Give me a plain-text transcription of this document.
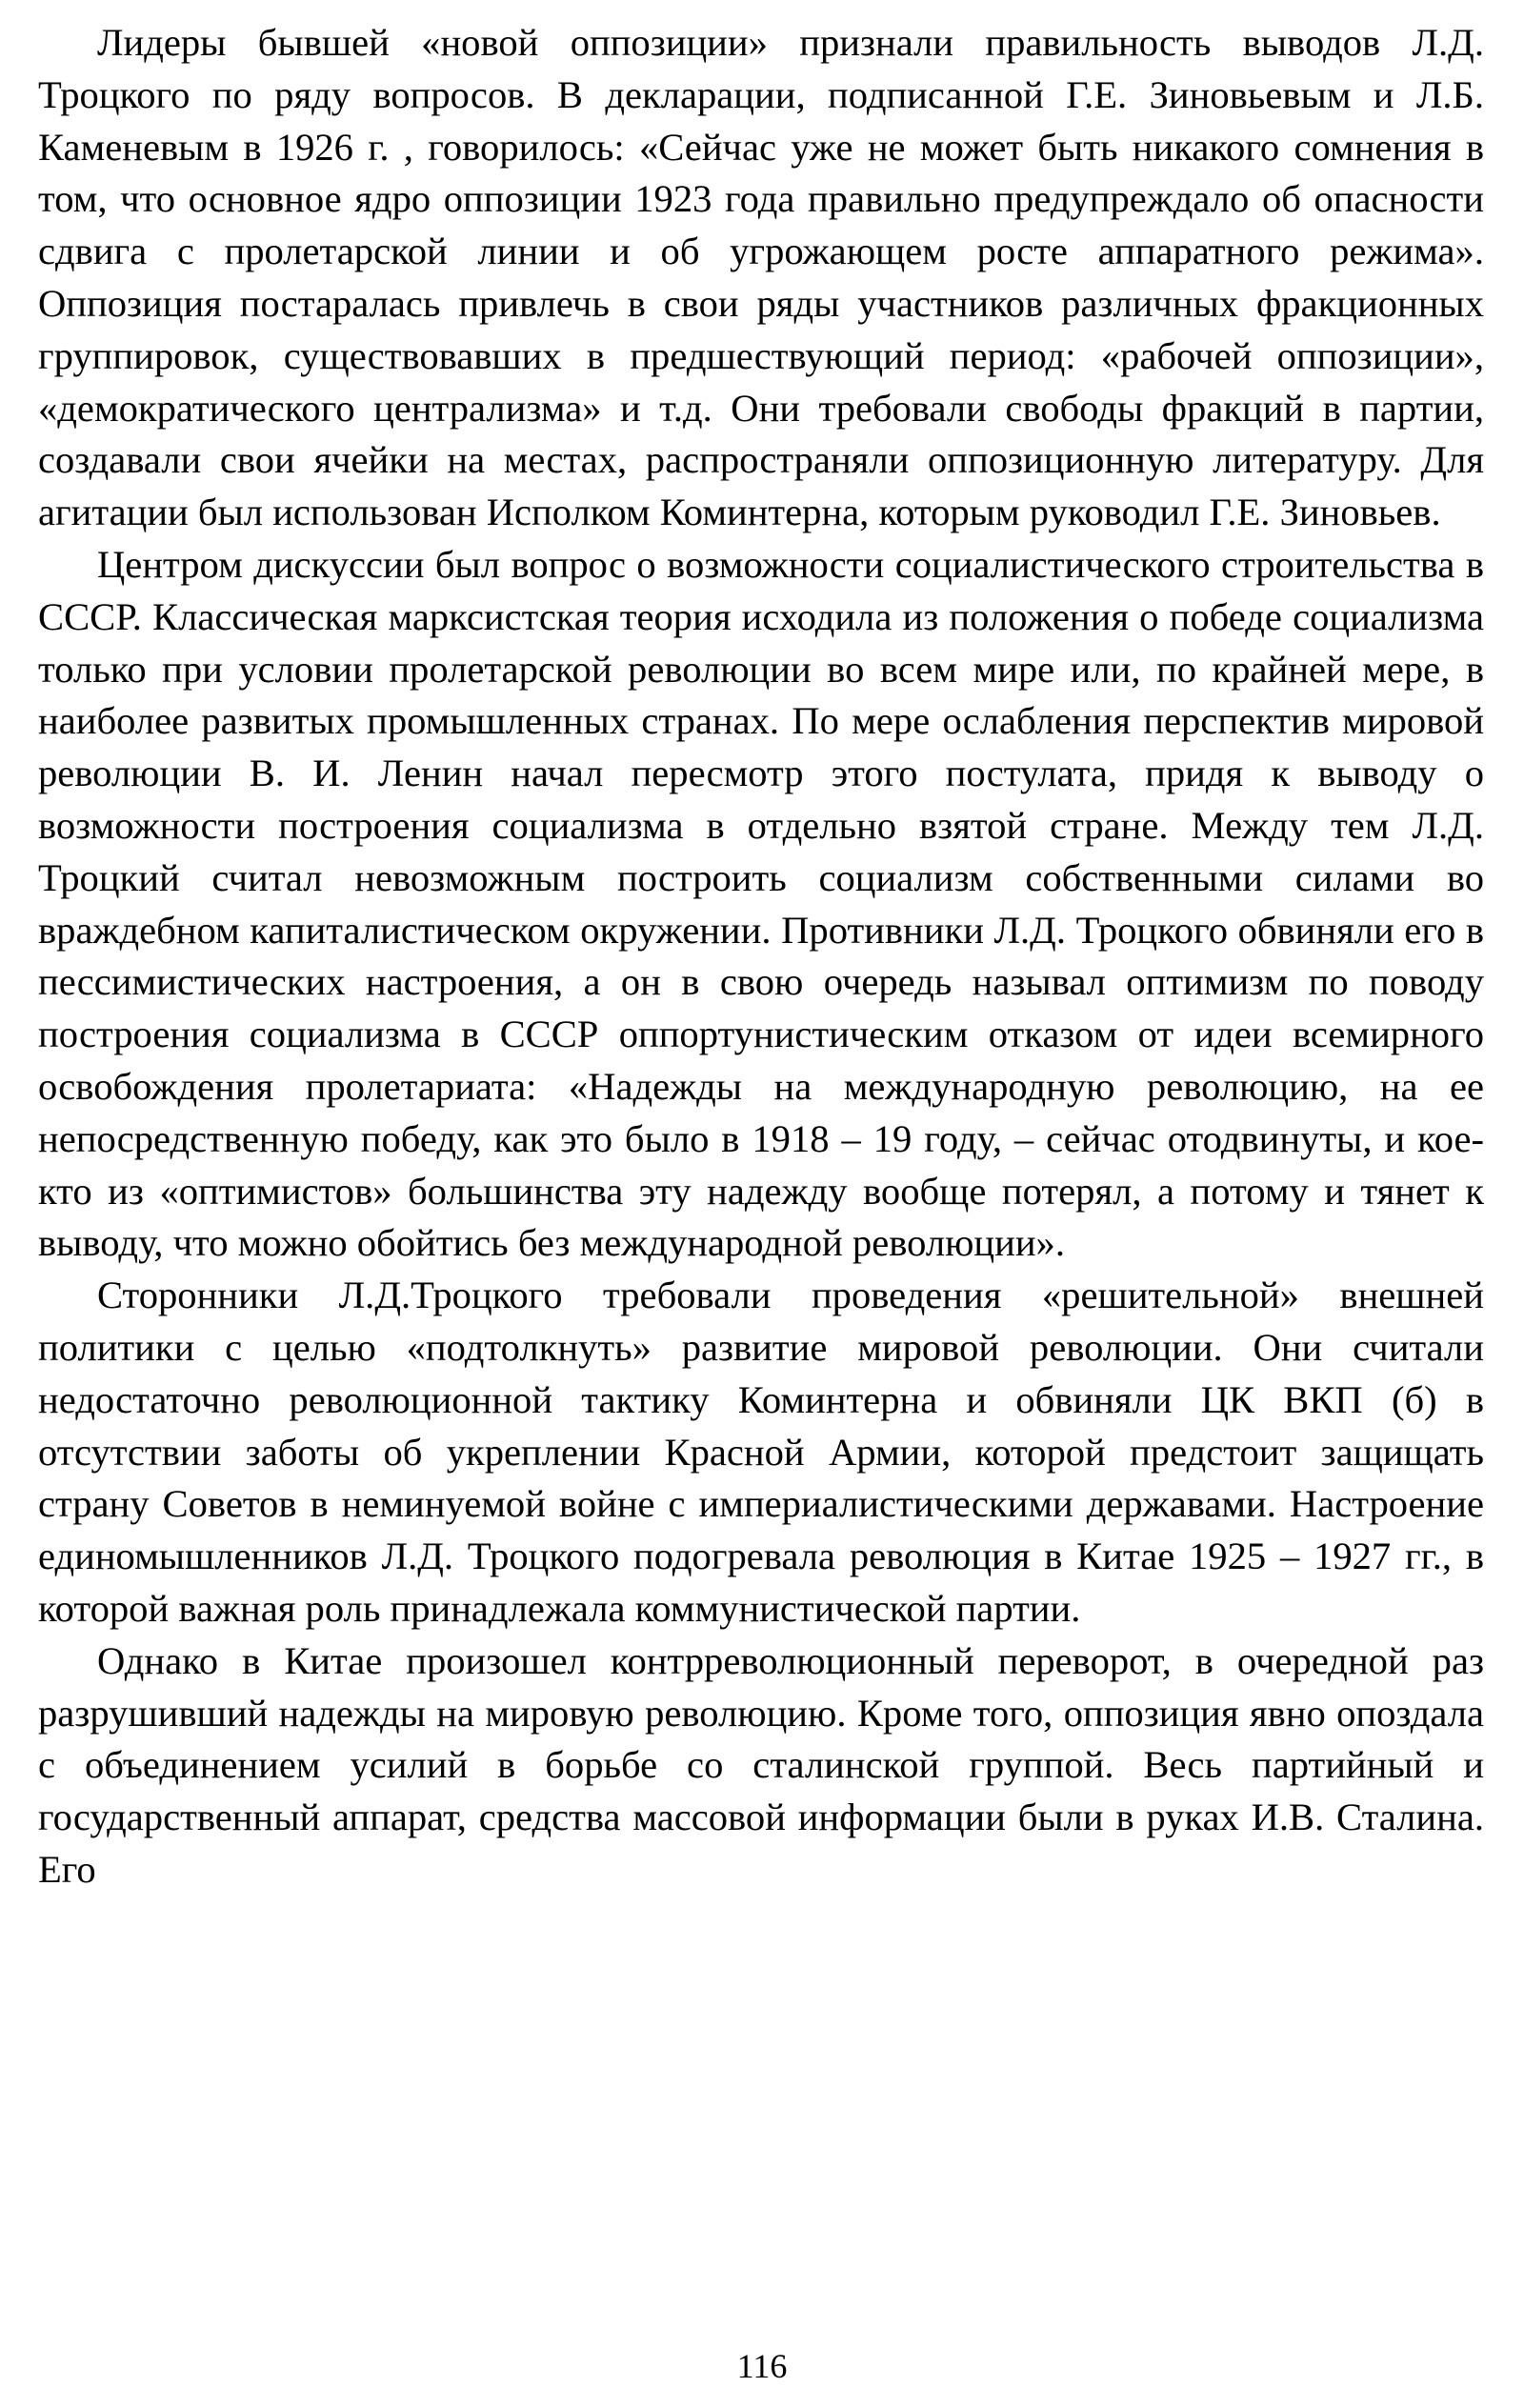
Лидеры бывшей «новой оппозиции» признали правильность выводов Л.Д. Троцкого по ряду вопросов. В декларации, подписанной Г.Е. Зиновьевым и Л.Б. Каменевым в 1926 г. , говорилось: «Сейчас уже не может быть никакого сомнения в том, что основное ядро оппозиции 1923 года правильно предупреждало об опасности сдвига с пролетарской линии и об угрожающем росте аппаратного режима». Оппозиция постаралась привлечь в свои ряды участников различных фракционных группировок, существовавших в предшествующий период: «рабочей оппозиции», «демократического централизма» и т.д. Они требовали свободы фракций в партии, создавали свои ячейки на местах, распространяли оппозиционную литературу. Для агитации был использован Исполком Коминтерна, которым руководил Г.Е. Зиновьев.

Центром дискуссии был вопрос о возможности социалистического строительства в СССР. Классическая марксистская теория исходила из положения о победе социализма только при условии пролетарской революции во всем мире или, по крайней мере, в наиболее развитых промышленных странах. По мере ослабления перспектив мировой революции В. И. Ленин начал пересмотр этого постулата, придя к выводу о возможности построения социализма в отдельно взятой стране. Между тем Л.Д. Троцкий считал невозможным построить социализм собственными силами во враждебном капиталистическом окружении. Противники Л.Д. Троцкого обвиняли его в пессимистических настроения, а он в свою очередь называл оптимизм по поводу построения социализма в СССР оппортунистическим отказом от идеи всемирного освобождения пролетариата: «Надежды на международную революцию, на ее непосредственную победу, как это было в 1918 – 19 году, – сейчас отодвинуты, и кое-кто из «оптимистов» большинства эту надежду вообще потерял, а потому и тянет к выводу, что можно обойтись без международной революции».

Сторонники Л.Д.Троцкого требовали проведения «решительной» внешней политики с целью «подтолкнуть» развитие мировой революции. Они считали недостаточно революционной тактику Коминтерна и обвиняли ЦК ВКП (б) в отсутствии заботы об укреплении Красной Армии, которой предстоит защищать страну Советов в неминуемой войне с империалистическими державами. Настроение единомышленников Л.Д. Троцкого подогревала революция в Китае 1925 – 1927 гг., в которой важная роль принадлежала коммунистической партии.

Однако в Китае произошел контрреволюционный переворот, в очередной раз разрушивший надежды на мировую революцию. Кроме того, оппозиция явно опоздала с объединением усилий в борьбе со сталинской группой. Весь партийный и государственный аппарат, средства массовой информации были в руках И.В. Сталина. Его

116
